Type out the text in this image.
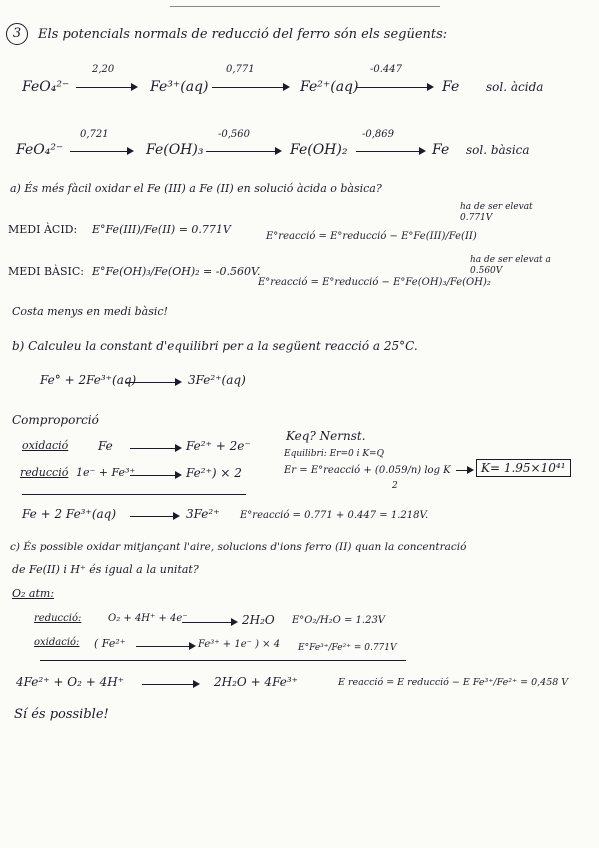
3	Els potencials normals de reducció del ferro són els següents:
FeO₄²⁻
2,20
→ Fe³⁺(aq)
0,771
Fe²⁺(aq)
-0.447
Fe sol. àcida
FeO₄²⁻
0,721
→ Fe(OH)₃
-0,560
Fe(OH)₂
-0,869
Fe sol. bàsica
a) És més fàcil oxidar el Fe (III) a Fe (II) en solució àcida o bàsica?
ha de ser elevat 0.771V
MEDI ÀCID: E°Fe(III)/Fe(II) = 0.771V
E°reacció = E°reducció − E°Fe(III)/Fe(II)
ha de ser elevat a 0.560V
MEDI BÀSIC: E°Fe(OH)₃/Fe(OH)₂ = -0.560V.
E°reacció = E°reducció − E°Fe(OH)₃/Fe(OH)₂
Costa menys en medi bàsic!
b) Calculeu la constant d'equilibri per a la següent reacció a 25°C.
Fe° + 2Fe³⁺(aq) → 3Fe²⁺(aq)
Comproporció
oxidació Fe → Fe²⁺ + 2e⁻
reducció 1e⁻ + Fe³⁺ → Fe²⁺) × 2
Keq? Nernst.
Equilibri: Er=0 i K=Q
Er = E°reacció + (0.059/n) log K
2
K= 1.95×10⁴¹
Fe + 2 Fe³⁺(aq) → 3Fe²⁺ E°reacció = 0.771 + 0.447 = 1.218V.
c) És possible oxidar mitjançant l'aire, solucions d'ions ferro (II) quan la concentració
de Fe(II) i H⁺ és igual a la unitat?
O₂ atm:
reducció:	O₂ + 4H⁺ + 4e⁻ → 2H₂O E°O₂/H₂O = 1.23V
oxidació: ( Fe²⁺ → Fe³⁺ + 1e⁻ ) × 4 E°Fe³⁺/Fe²⁺ = 0.771V
4Fe²⁺ + O₂ + 4H⁺ → 2H₂O + 4Fe³⁺	E reacció = E reducció − E Fe³⁺/Fe²⁺ = 0,458 V
Sí és possible!
